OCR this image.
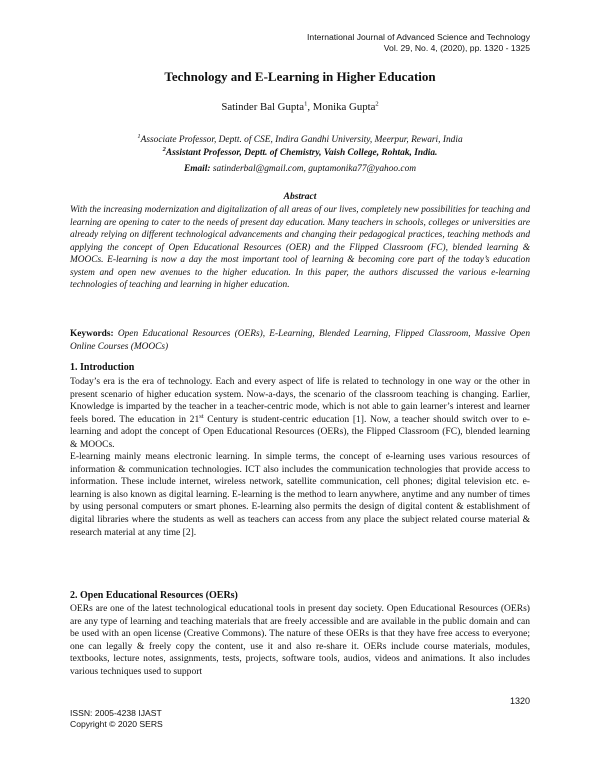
International Journal of Advanced Science and Technology
Vol. 29, No. 4, (2020), pp. 1320 - 1325
Technology and E-Learning in Higher Education
Satinder Bal Gupta$^1$, Monika Gupta$^2$
$^1$Associate Professor, Deptt. of CSE, Indira Gandhi University, Meerpur, Rewari, India
$^2$Assistant Professor, Deptt. of Chemistry, Vaish College, Rohtak, India.
Email: satinderbal@gmail.com, guptamonika77@yahoo.com
Abstract

With the increasing modernization and digitalization of all areas of our lives, completely new possibilities for teaching and learning are opening to cater to the needs of present day education. Many teachers in schools, colleges or universities are already relying on different technological advancements and changing their pedagogical practices, teaching methods and applying the concept of Open Educational Resources (OER) and the Flipped Classroom (FC), blended learning & MOOCs. E-learning is now a day the most important tool of learning & becoming core part of the today’s education system and open new avenues to the higher education. In this paper, the authors discussed the various e-learning technologies of teaching and learning in higher education.

Keywords: Open Educational Resources (OERs), E-Learning, Blended Learning, Flipped Classroom, Massive Open Online Courses (MOOCs)

1. Introduction

Today’s era is the era of technology. Each and every aspect of life is related to technology in one way or the other in present scenario of higher education system. Now-a-days, the scenario of the classroom teaching is changing. Earlier, Knowledge is imparted by the teacher in a teacher-centric mode, which is not able to gain learner’s interest and learner feels bored. The education in 21st Century is student-centric education [1]. Now, a teacher should switch over to e-learning and adopt the concept of Open Educational Resources (OERs), the Flipped Classroom (FC), blended learning & MOOCs.

E-learning mainly means electronic learning. In simple terms, the concept of e-learning uses various resources of information & communication technologies. ICT also includes the communication technologies that provide access to information. These include internet, wireless network, satellite communication, cell phones; digital television etc. e-learning is also known as digital learning. E-learning is the method to learn anywhere, anytime and any number of times by using personal computers or smart phones. E-learning also permits the design of digital content & establishment of digital libraries where the students as well as teachers can access from any place the subject related course material & research material at any time [2].

2. Open Educational Resources (OERs)

OERs are one of the latest technological educational tools in present day society. Open Educational Resources (OERs) are any type of learning and teaching materials that are freely accessible and are available in the public domain and can be used with an open license (Creative Commons). The nature of these OERs is that they have free access to everyone; one can legally & freely copy the content, use it and also re-share it. OERs include course materials, modules, textbooks, lecture notes, assignments, tests, projects, software tools, audios, videos and animations. It also includes various techniques used to support

1320
ISSN: 2005-4238 IJAST
Copyright © 2020 SERS
